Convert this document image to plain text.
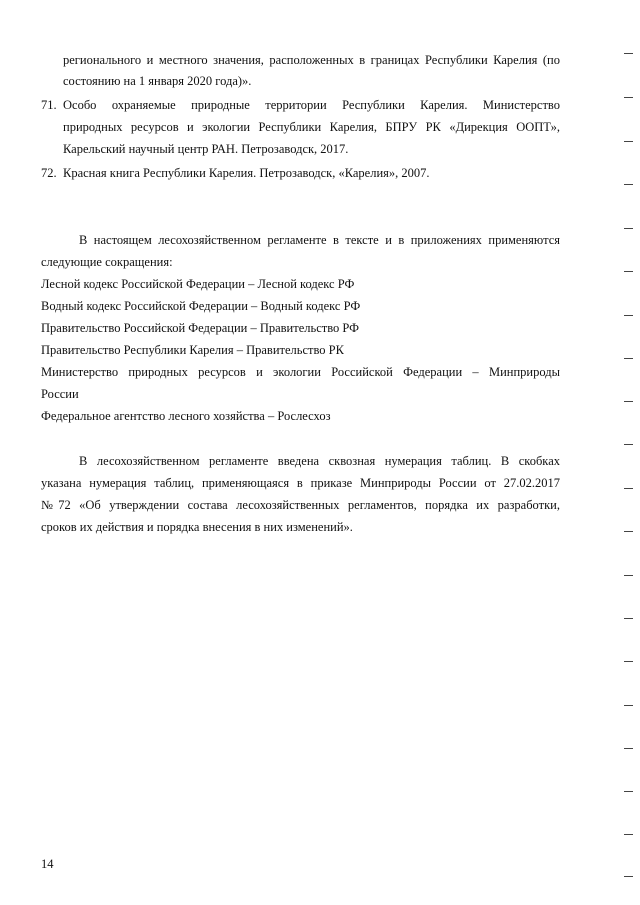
регионального и местного значения, расположенных в границах Республики Карелия (по
состоянию на 1 января 2020 года)».
71. Особо охраняемые природные территории Республики Карелия. Министерство
природных ресурсов и экологии Республики Карелия, БПРУ РК «Дирекция ООПТ»,
Карельский научный центр РАН. Петрозаводск, 2017.
72. Красная книга Республики Карелия. Петрозаводск, «Карелия», 2007.
В настоящем лесохозяйственном регламенте в тексте и в приложениях применяются
следующие сокращения:
Лесной кодекс Российской Федерации – Лесной кодекс РФ
Водный кодекс Российской Федерации – Водный кодекс РФ
Правительство Российской Федерации – Правительство РФ
Правительство Республики Карелия – Правительство РК
Министерство природных ресурсов и экологии Российской Федерации – Минприроды
России
Федеральное агентство лесного хозяйства – Рослесхоз
В лесохозяйственном регламенте введена сквозная нумерация таблиц. В скобках
указана нумерация таблиц, применяющаяся в приказе Минприроды России от 27.02.2017
№72 «Об утверждении состава лесохозяйственных регламентов, порядка их разработки,
сроков их действия и порядка внесения в них изменений».
14
